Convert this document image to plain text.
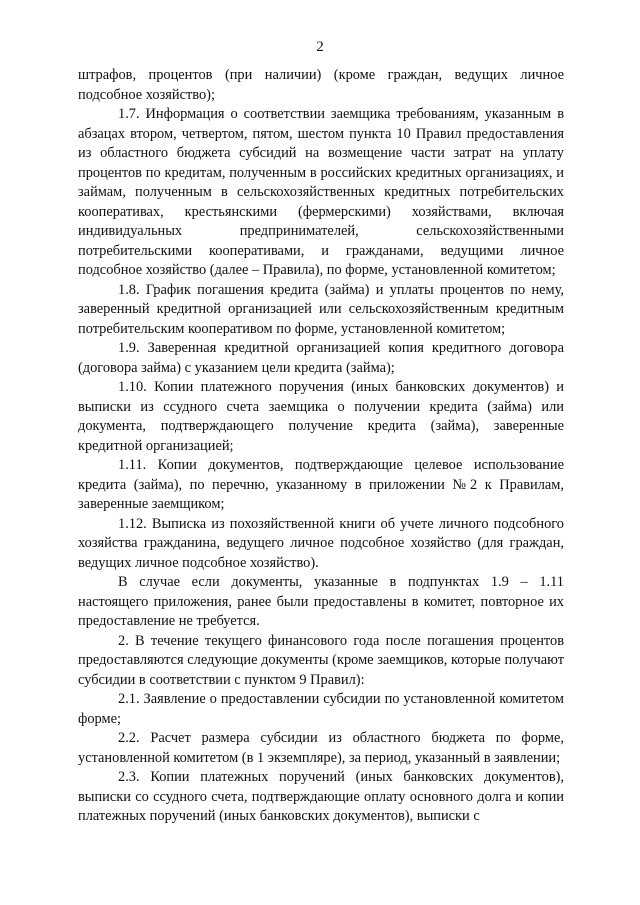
2

штрафов, процентов (при наличии) (кроме граждан, ведущих личное подсобное хозяйство);

1.7. Информация о соответствии заемщика требованиям, указанным в абзацах втором, четвертом, пятом, шестом пункта 10 Правил предоставления из областного бюджета субсидий на возмещение части затрат на уплату процентов по кредитам, полученным в российских кредитных организациях, и займам, полученным в сельскохозяйственных кредитных потребительских кооперативах, крестьянскими (фермерскими) хозяйствами, включая индивидуальных предпринимателей, сельскохозяйственными потребительскими кооперативами, и гражданами, ведущими личное подсобное хозяйство (далее – Правила), по форме, установленной комитетом;

1.8. График погашения кредита (займа) и уплаты процентов по нему, заверенный кредитной организацией или сельскохозяйственным кредитным потребительским кооперативом по форме, установленной комитетом;

1.9. Заверенная кредитной организацией копия кредитного договора (договора займа) с указанием цели кредита (займа);

1.10. Копии платежного поручения (иных банковских документов) и выписки из ссудного счета заемщика о получении кредита (займа) или документа, подтверждающего получение кредита (займа), заверенные кредитной организацией;

1.11. Копии документов, подтверждающие целевое использование кредита (займа), по перечню, указанному в приложении №2 к Правилам, заверенные заемщиком;

1.12. Выписка из похозяйственной книги об учете личного подсобного хозяйства гражданина, ведущего личное подсобное хозяйство (для граждан, ведущих личное подсобное хозяйство).

В случае если документы, указанные в подпунктах 1.9 – 1.11 настоящего приложения, ранее были предоставлены в комитет, повторное их предоставление не требуется.

2. В течение текущего финансового года после погашения процентов предоставляются следующие документы (кроме заемщиков, которые получают субсидии в соответствии с пунктом 9 Правил):

2.1. Заявление о предоставлении субсидии по установленной комитетом форме;

2.2. Расчет размера субсидии из областного бюджета по форме, установленной комитетом (в 1 экземпляре), за период, указанный в заявлении;

2.3. Копии платежных поручений (иных банковских документов), выписки со ссудного счета, подтверждающие оплату основного долга и копии платежных поручений (иных банковских документов), выписки с
